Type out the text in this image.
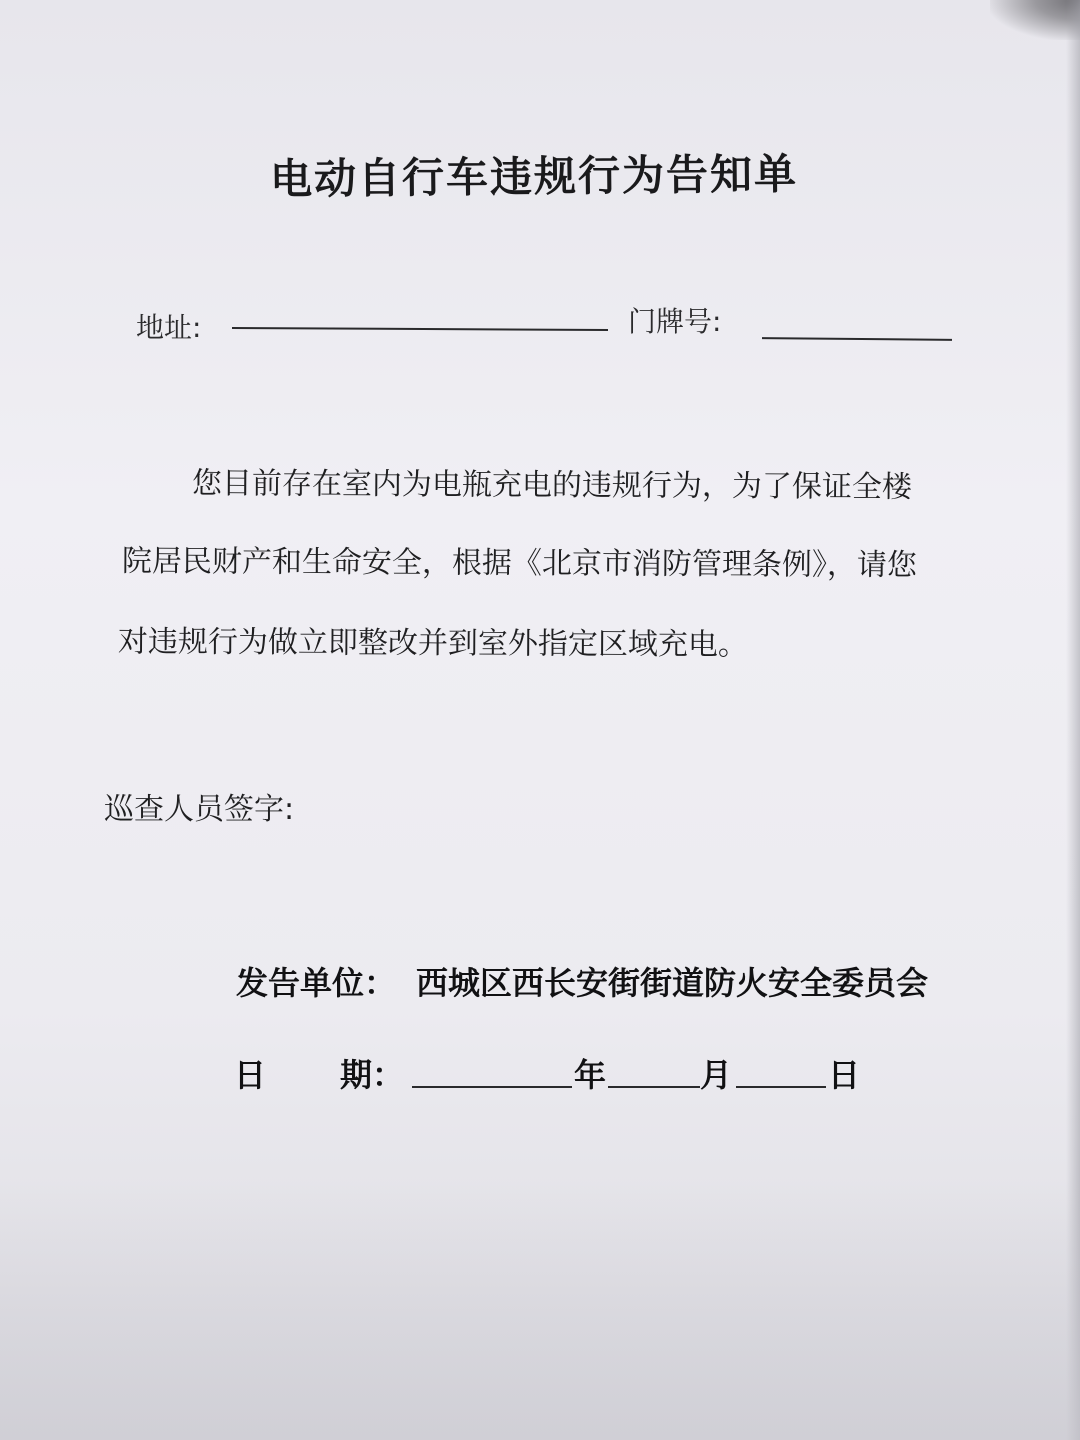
电动自行车违规行为告知单
地址:	门牌号:
您目前存在室内为电瓶充电的违规行为，为了保证全楼
院居民财产和生命安全，根据《北京市消防管理条例》，请您
对违规行为做立即整改并到室外指定区域充电。
巡查人员签字:
发告单位： 西城区西长安街街道防火安全委员会
日 期：	年	月	日
